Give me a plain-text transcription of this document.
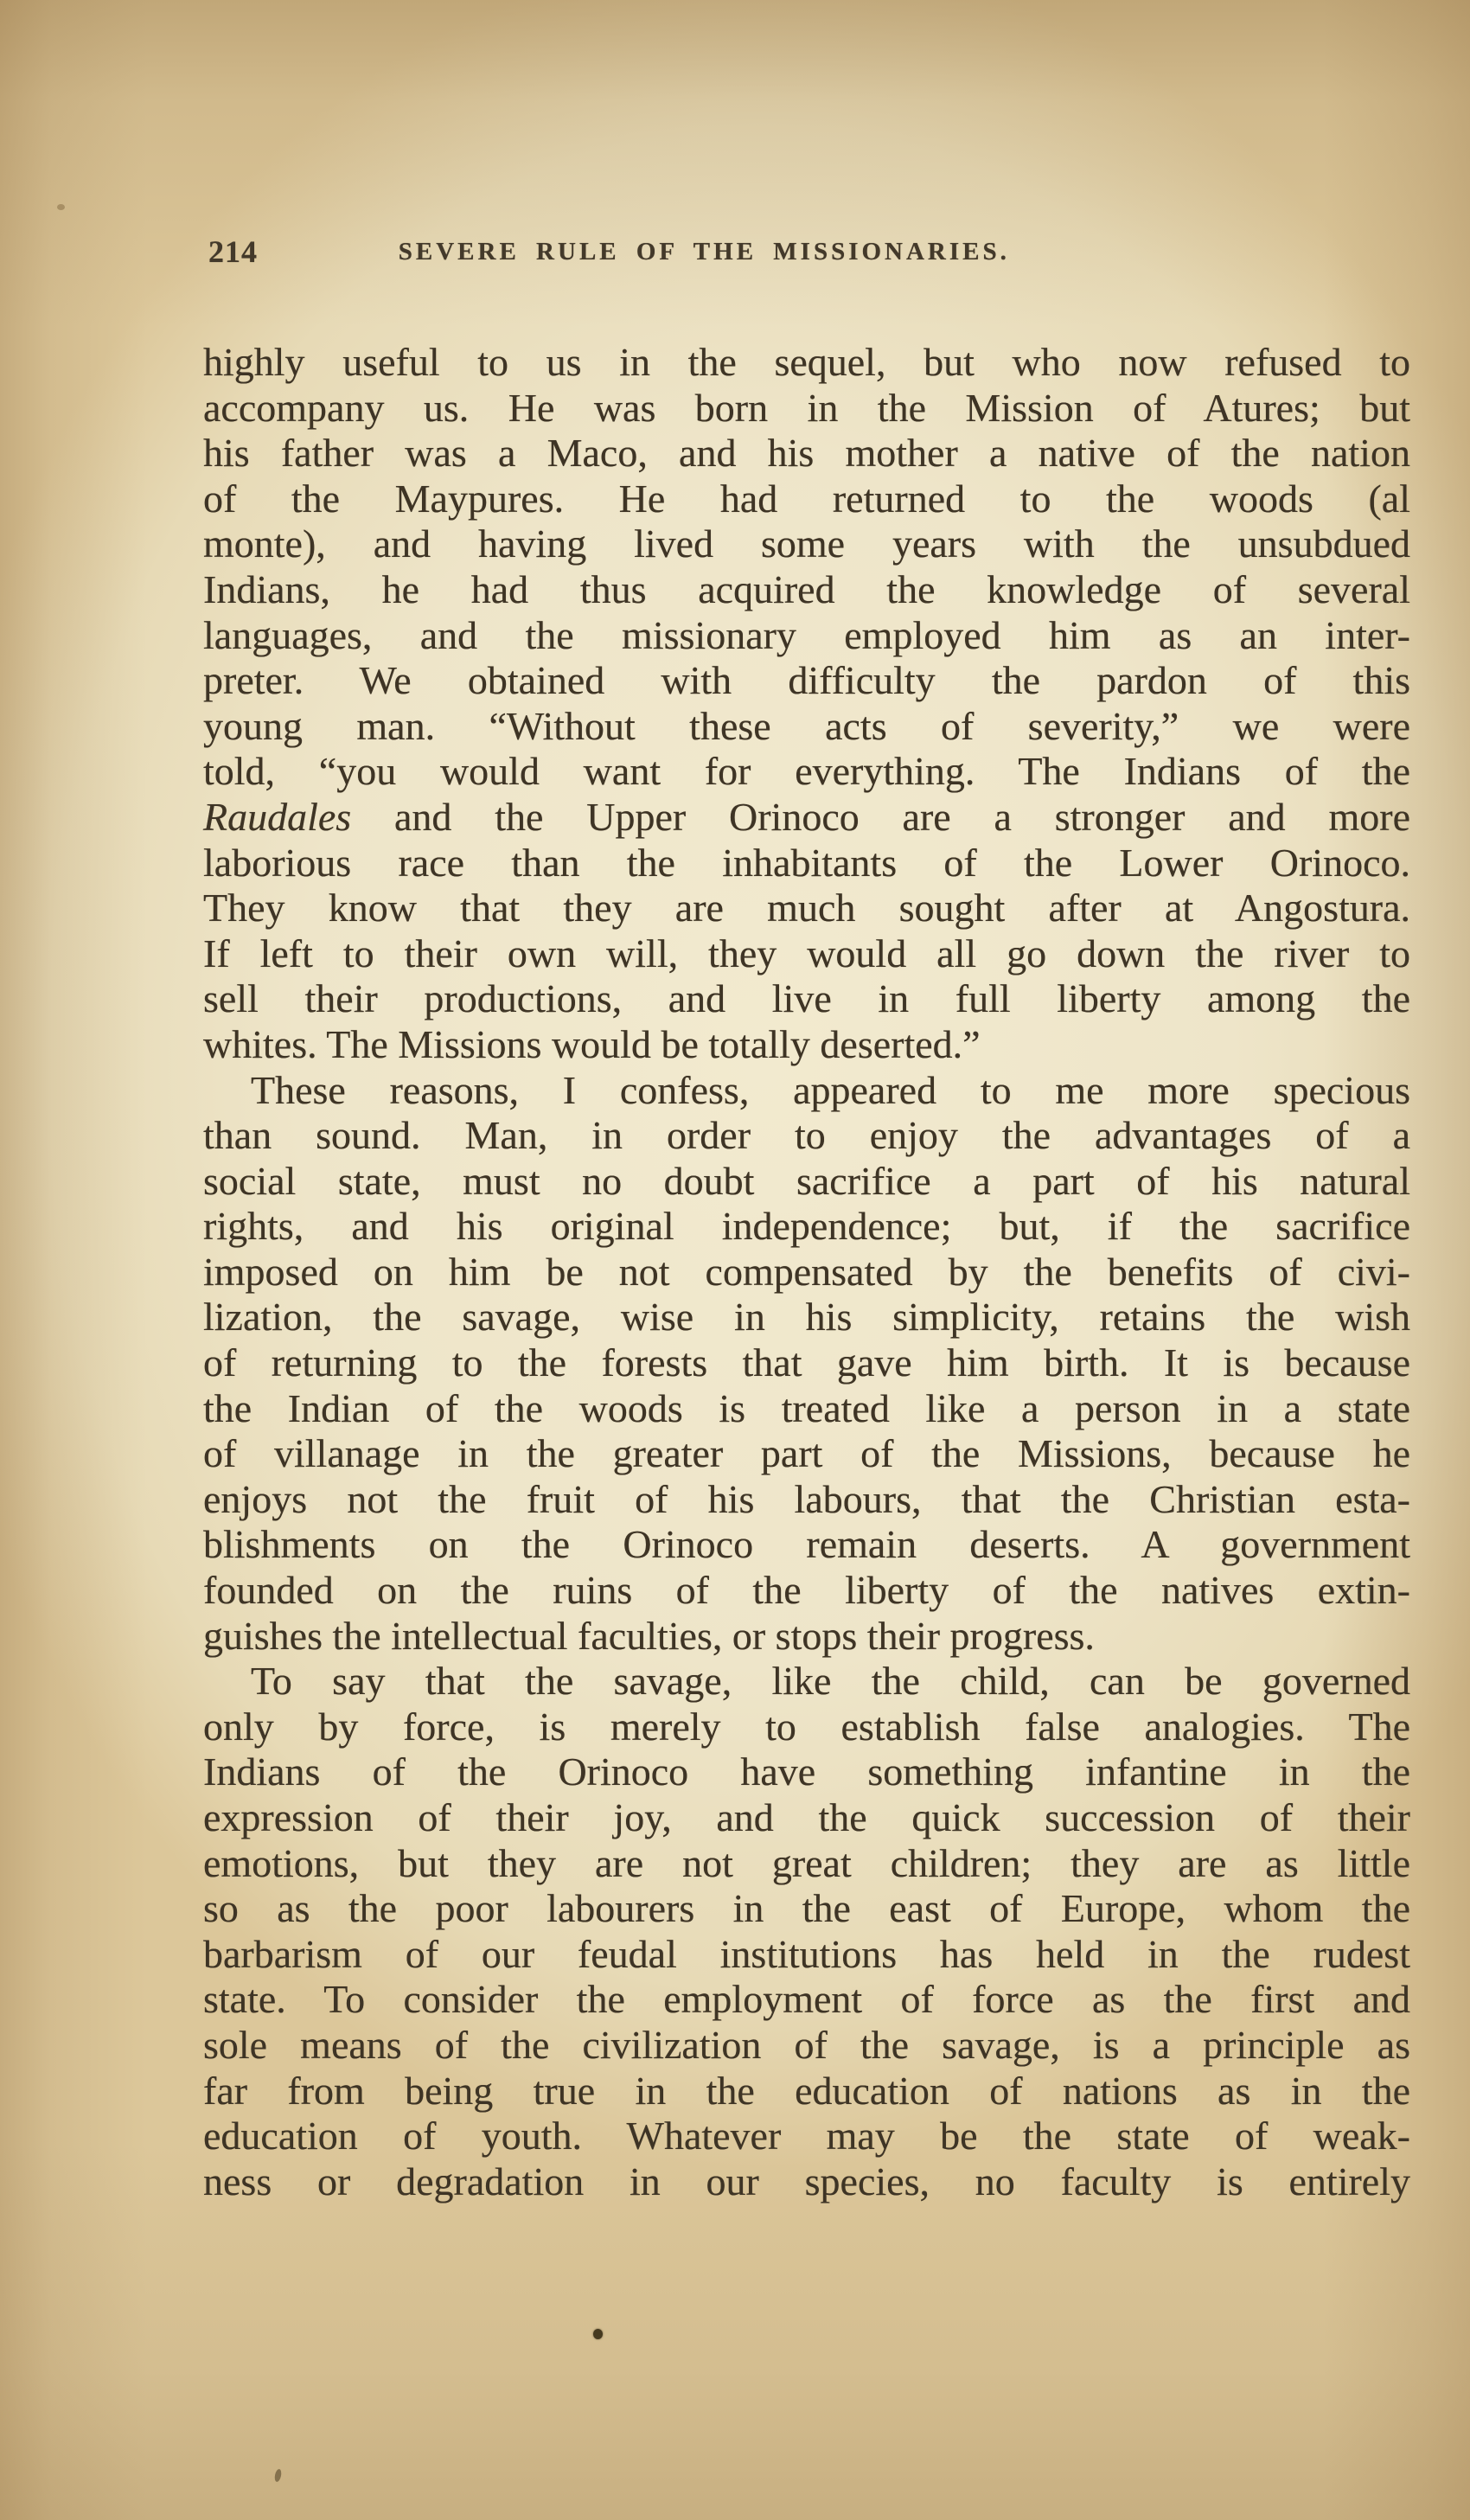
214	SEVERE RULE OF THE MISSIONARIES.
highly useful to us in the sequel, but who now refused to
accompany us. He was born in the Mission of Atures; but
his father was a Maco, and his mother a native of the nation
of the Maypures. He had returned to the woods (al
monte), and having lived some years with the unsubdued
Indians, he had thus acquired the knowledge of several
languages, and the missionary employed him as an inter-
preter. We obtained with difficulty the pardon of this
young man. “Without these acts of severity,” we were
told, “you would want for everything. The Indians of the
Raudales and the Upper Orinoco are a stronger and more
laborious race than the inhabitants of the Lower Orinoco.
They know that they are much sought after at Angostura.
If left to their own will, they would all go down the river to
sell their productions, and live in full liberty among the
whites. The Missions would be totally deserted.”
These reasons, I confess, appeared to me more specious
than sound. Man, in order to enjoy the advantages of a
social state, must no doubt sacrifice a part of his natural
rights, and his original independence; but, if the sacrifice
imposed on him be not compensated by the benefits of civi-
lization, the savage, wise in his simplicity, retains the wish
of returning to the forests that gave him birth. It is because
the Indian of the woods is treated like a person in a state
of villanage in the greater part of the Missions, because he
enjoys not the fruit of his labours, that the Christian esta-
blishments on the Orinoco remain deserts. A government
founded on the ruins of the liberty of the natives extin-
guishes the intellectual faculties, or stops their progress.
To say that the savage, like the child, can be governed
only by force, is merely to establish false analogies. The
Indians of the Orinoco have something infantine in the
expression of their joy, and the quick succession of their
emotions, but they are not great children; they are as little
so as the poor labourers in the east of Europe, whom the
barbarism of our feudal institutions has held in the rudest
state. To consider the employment of force as the first and
sole means of the civilization of the savage, is a principle as
far from being true in the education of nations as in the
education of youth. Whatever may be the state of weak-
ness or degradation in our species, no faculty is entirely
